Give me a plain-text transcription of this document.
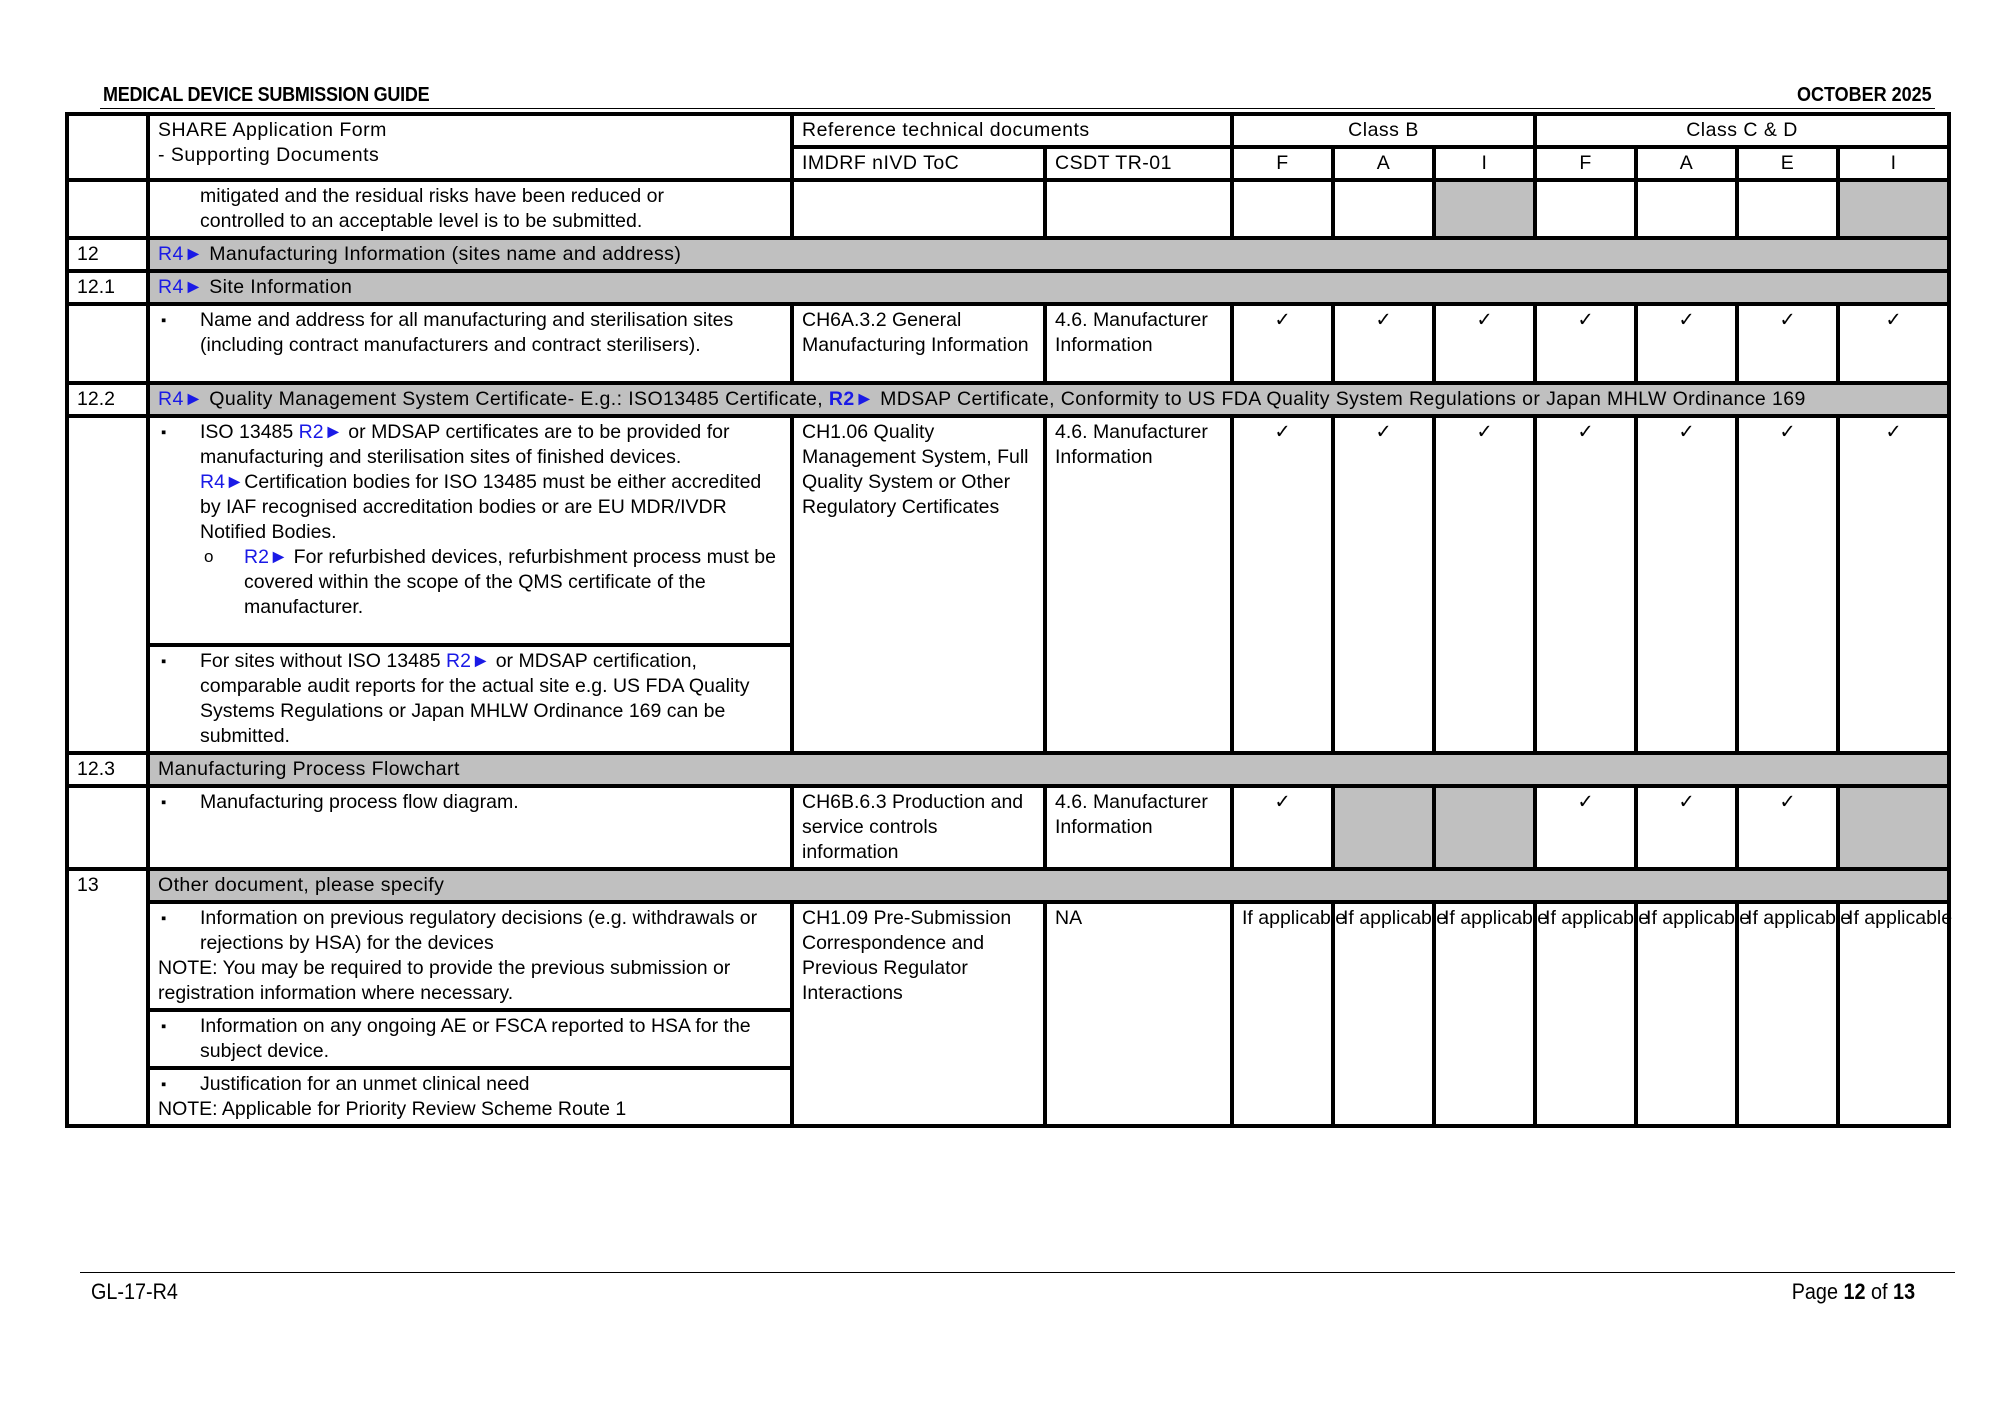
MEDICAL DEVICE SUBMISSION GUIDE	OCTOBER 2025

	SHARE Application Form
- Supporting Documents	Reference technical documents		Class B			Class C & D			
		IMDRF nIVD ToC	CSDT TR-01	F	A	I	F	A	E	I

	mitigated and the residual risks have been reduced or
controlled to an acceptable level is to be submitted.									

12	R4► Manufacturing Information (sites name and address)									
12.1	R4► Site Information									

	▪ Name and address for all manufacturing and sterilisation sites (including contract manufacturers and contract sterilisers).	CH6A.3.2 General Manufacturing Information	4.6. Manufacturer Information	✓	✓	✓	✓	✓	✓	✓
12.2	R4► Quality Management System Certificate- E.g.: ISO13485 Certificate, R2► MDSAP Certificate, Conformity to US FDA Quality System Regulations or Japan MHLW Ordinance 169									

	▪ ISO 13485 R2► or MDSAP certificates are to be provided for manufacturing and sterilisation sites of finished devices.
R4►Certification bodies for ISO 13485 must be either accredited by IAF recognised accreditation bodies or are EU MDR/IVDR Notified Bodies.
o R2► For refurbished devices, refurbishment process must be covered within the scope of the QMS certificate of the manufacturer.	CH1.06 Quality Management System, Full Quality System or Other Regulatory Certificates	4.6. Manufacturer Information	✓	✓	✓	✓	✓	✓	✓

	▪ For sites without ISO 13485 R2► or MDSAP certification, comparable audit reports for the actual site e.g. US FDA Quality Systems Regulations or Japan MHLW Ordinance 169 can be submitted.

12.3	Manufacturing Process Flowchart									

	▪ Manufacturing process flow diagram.	CH6B.6.3 Production and service controls information	4.6. Manufacturer Information	✓			✓	✓	✓	
13	Other document, please specify									

	▪ Information on previous regulatory decisions (e.g. withdrawals or rejections by HSA) for the devices
NOTE: You may be required to provide the previous submission or registration information where necessary.	CH1.09 Pre-Submission Correspondence and Previous Regulator Interactions	NA	If applicable	If applicable	If applicable	If applicable	If applicable	If applicable	If applicable

	▪ Information on any ongoing AE or FSCA reported to HSA for the subject device.

	▪ Justification for an unmet clinical need
NOTE: Applicable for Priority Review Scheme Route 1
GL-17-R4	Page 12 of 13
